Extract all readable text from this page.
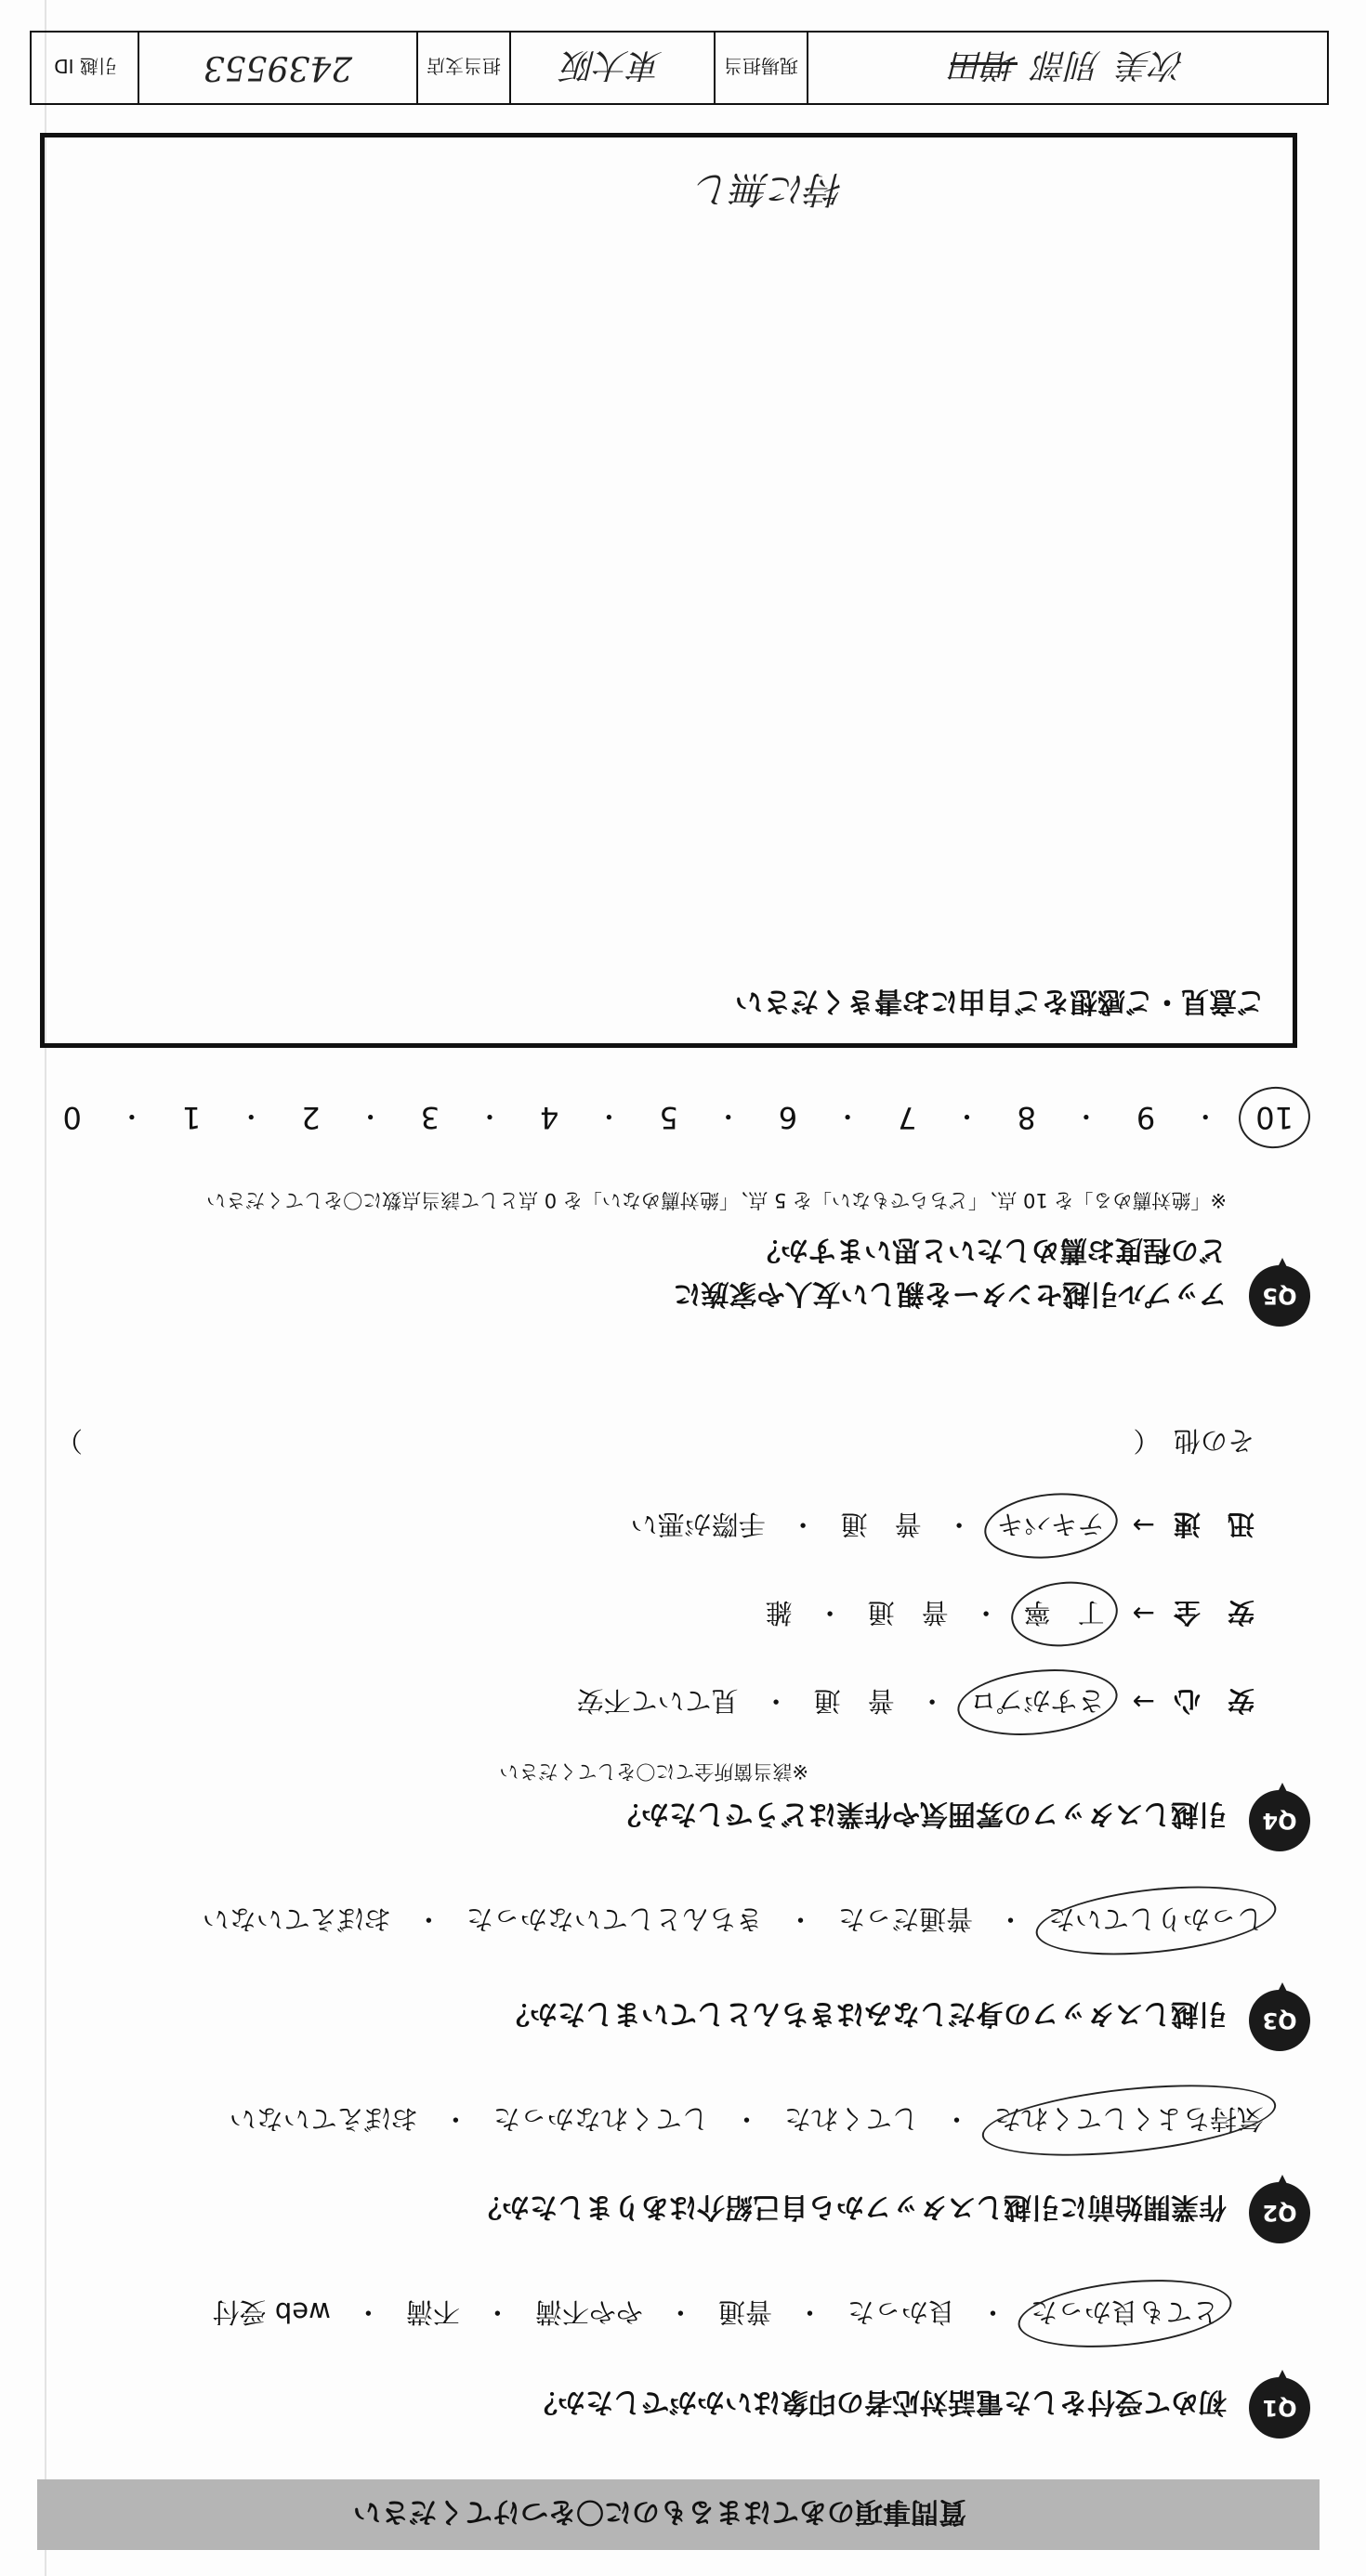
質問事項のあてはまるものに〇をつけてください
Q1
初めて受付をした電話対応者の印象はいかがでしたか？
とても良かった
・
良かった
・
普通
・
やや不満
・
不満
・
web 受付
Q2
作業開始前に引越しスタッフから自己紹介はありましたか？
気持ちよくしてくれた
・
してくれた
・
してくれなかった
・
おぼえていない
Q3
引越しスタッフの身だしなみはきちんとしていましたか？
しっかりしていた
・
普通だった
・
きちんとしていなかった
・
おぼえていない
Q4
引越しスタッフの雰囲気や作業はどうでしたか？
※該当箇所全てに〇をしてください
安　心
→
さすがプロ
・
普　通
・
見ていて不安
安　全
→
丁　寧
・
普　通
・
雑
迅　速
→
テキパキ
・
普　通
・
手際が悪い
その他　（
）
Q5
アップル引越センターを親しい友人や家族に
どの程度お薦めしたいと思いますか？
※「絶対薦める」を 10 点、「どちらでもない」を 5 点、「絶対薦めない」を 0 点として該当点数に〇をしてください
10
・
9
・
8
・
7
・
6
・
5
・
4
・
3
・
2
・
1
・
0
ご意見・ご感想をご自由にお書きください
特に無し
次美
別部
増田
現場担当
東大阪
担当支店
2439553
引越 ID
